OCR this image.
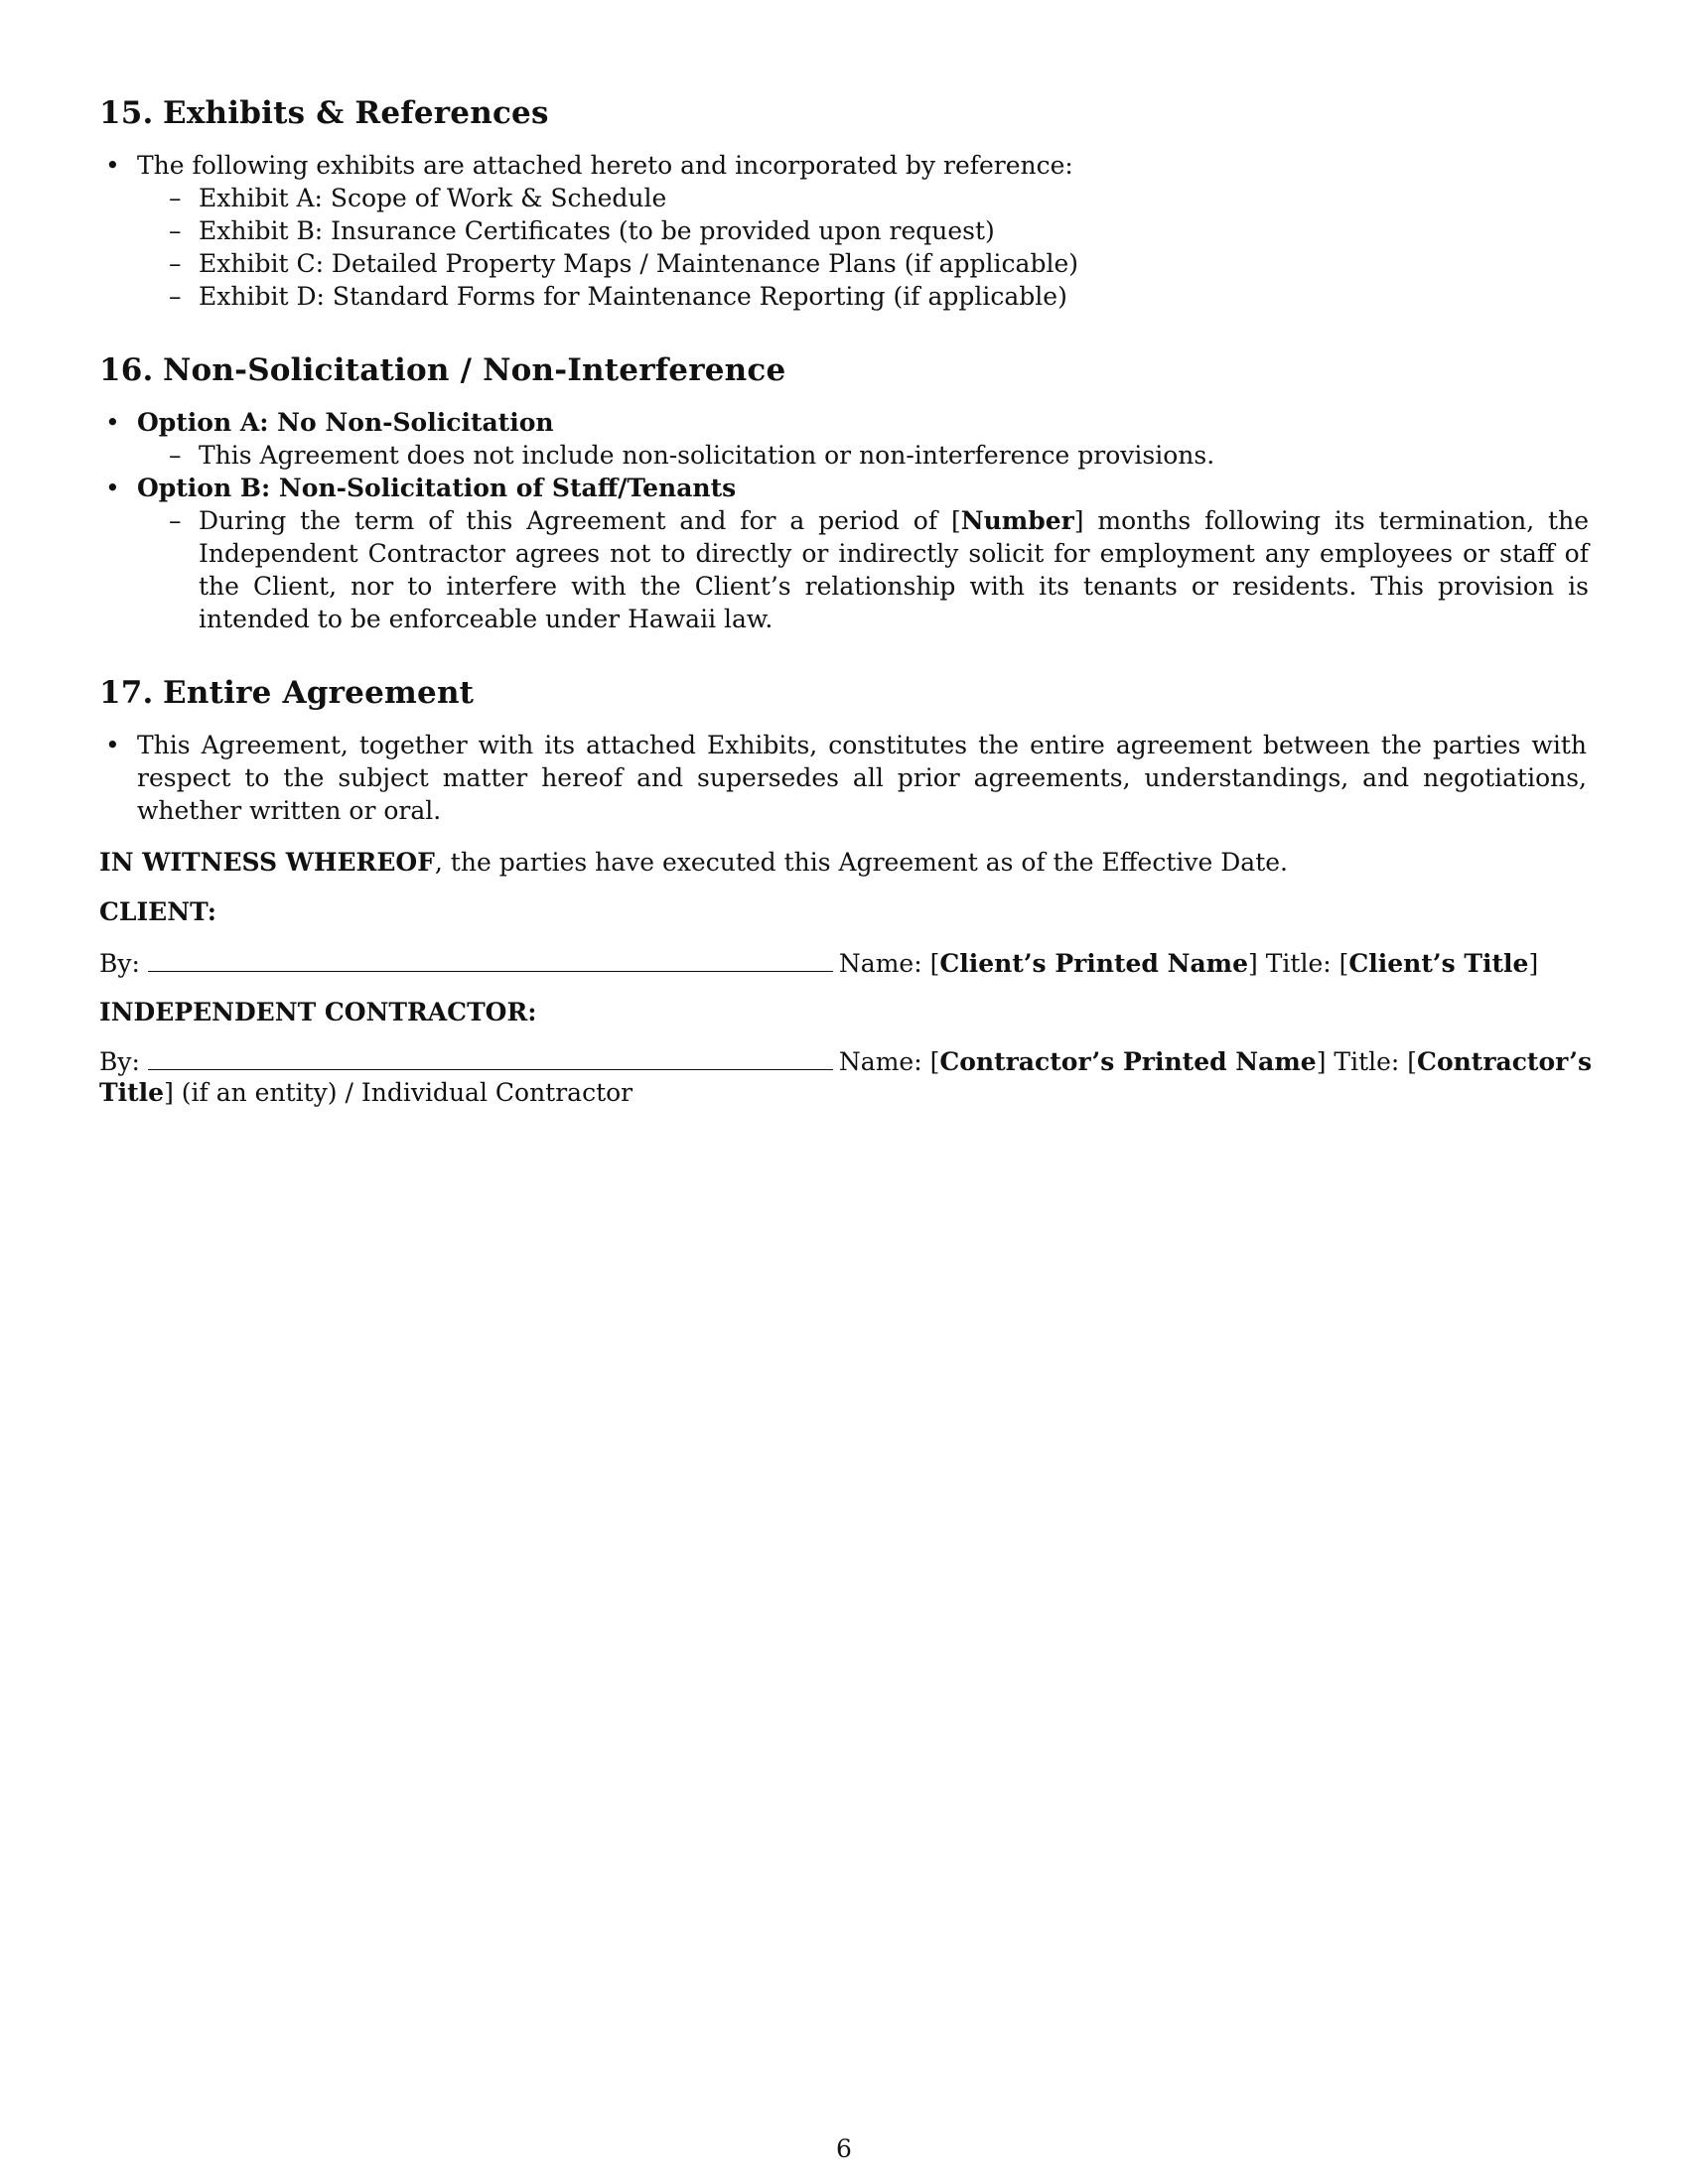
15. Exhibits & References
• The following exhibits are attached hereto and incorporated by reference:
– Exhibit A: Scope of Work & Schedule
– Exhibit B: Insurance Certificates (to be provided upon request)
– Exhibit C: Detailed Property Maps / Maintenance Plans (if applicable)
– Exhibit D: Standard Forms for Maintenance Reporting (if applicable)
16. Non-Solicitation / Non-Interference
• Option A: No Non-Solicitation
– This Agreement does not include non-solicitation or non-interference provisions.
• Option B: Non-Solicitation of Staff/Tenants
– During the term of this Agreement and for a period of [Number] months following its termination, the Independent Contractor agrees not to directly or indirectly solicit for employment any employees or staff of the Client, nor to interfere with the Client’s relationship with its tenants or residents. This provision is intended to be enforceable under Hawaii law.
17. Entire Agreement
• This Agreement, together with its attached Exhibits, constitutes the entire agreement between the parties with respect to the subject matter hereof and supersedes all prior agreements, understandings, and negotiations, whether written or oral.
IN WITNESS WHEREOF, the parties have executed this Agreement as of the Effective Date.
CLIENT:
By:	Name: [Client’s Printed Name] Title: [Client’s Title]
INDEPENDENT CONTRACTOR:
By:	Name: [Contractor’s Printed Name] Title: [Contractor’s
Title] (if an entity) / Individual Contractor
6
